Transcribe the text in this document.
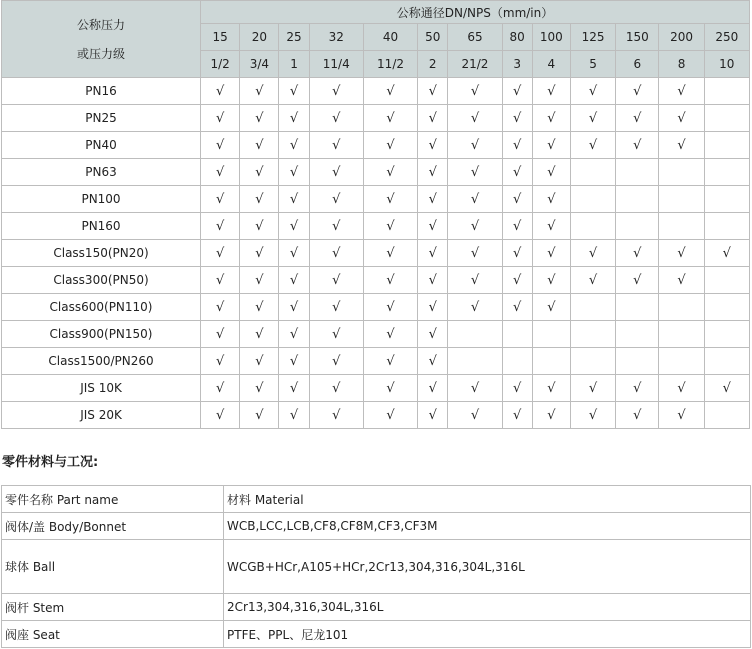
公称压力
或压力级	公称通径DN/NPS（mm/in）												
	15	20	25	32	40	50	65	80	100	125	150	200	250
	1/2	3/4	1	11/4	11/2	2	21/2	3	4	5	6	8	10
PN16	√	√	√	√	√	√	√	√	√	√	√	√	
PN25	√	√	√	√	√	√	√	√	√	√	√	√	
PN40	√	√	√	√	√	√	√	√	√	√	√	√	
PN63	√	√	√	√	√	√	√	√	√				
PN100	√	√	√	√	√	√	√	√	√				
PN160	√	√	√	√	√	√	√	√	√				
Class150(PN20)	√	√	√	√	√	√	√	√	√	√	√	√	√
Class300(PN50)	√	√	√	√	√	√	√	√	√	√	√	√	
Class600(PN110)	√	√	√	√	√	√	√	√	√				
Class900(PN150)	√	√	√	√	√	√							
Class1500/PN260	√	√	√	√	√	√							
JIS 10K	√	√	√	√	√	√	√	√	√	√	√	√	√
JIS 20K	√	√	√	√	√	√	√	√	√	√	√	√	
零件材料与工况:
零件名称 Part name	材料 Material
阀体/盖 Body/Bonnet	WCB,LCC,LCB,CF8,CF8M,CF3,CF3M
球体 Ball	WCGB+HCr,A105+HCr,2Cr13,304,316,304L,316L
阀杆 Stem	2Cr13,304,316,304L,316L
阀座 Seat	PTFE、PPL、尼龙101
